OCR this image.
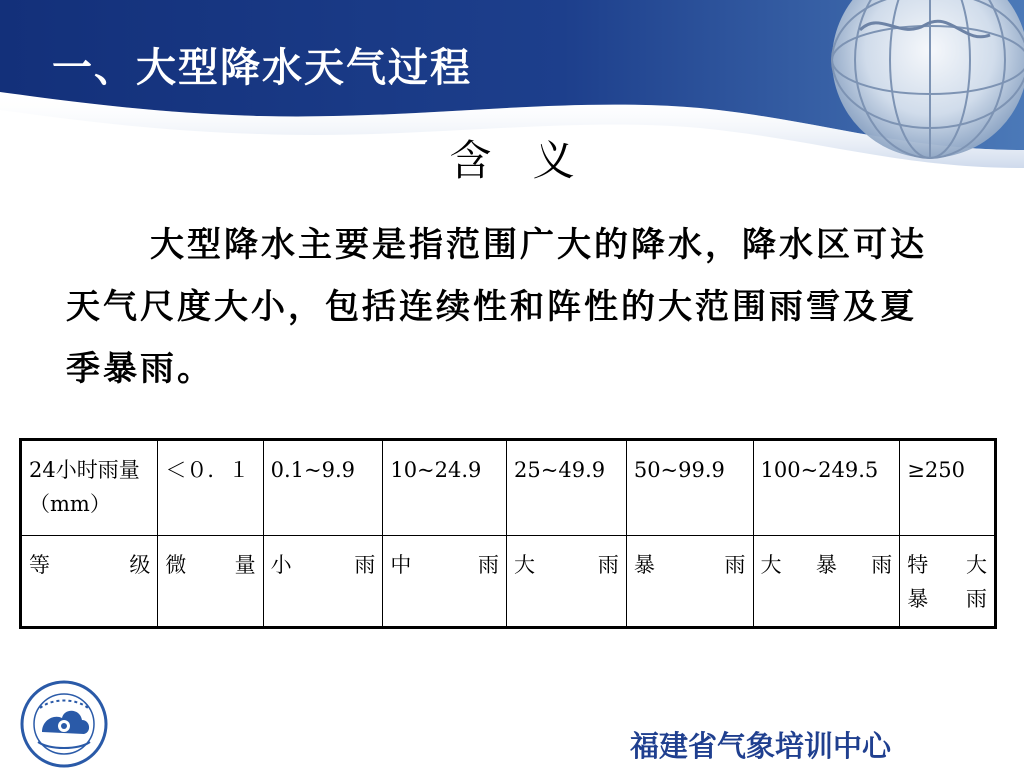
一、大型降水天气过程
含 义

大型降水主要是指范围广大的降水，降水区可达天气尺度大小，包括连续性和阵性的大范围雨雪及夏季暴雨。

24小时雨量（mm）	＜０．１	0.1~9.9	10~24.9	25~49.9	50~99.9	100~249.5	≥250

等　级	微　量	小　雨	中　雨	大　雨	暴　雨	大 暴 雨	特　大暴　雨

福建省气象培训中心
